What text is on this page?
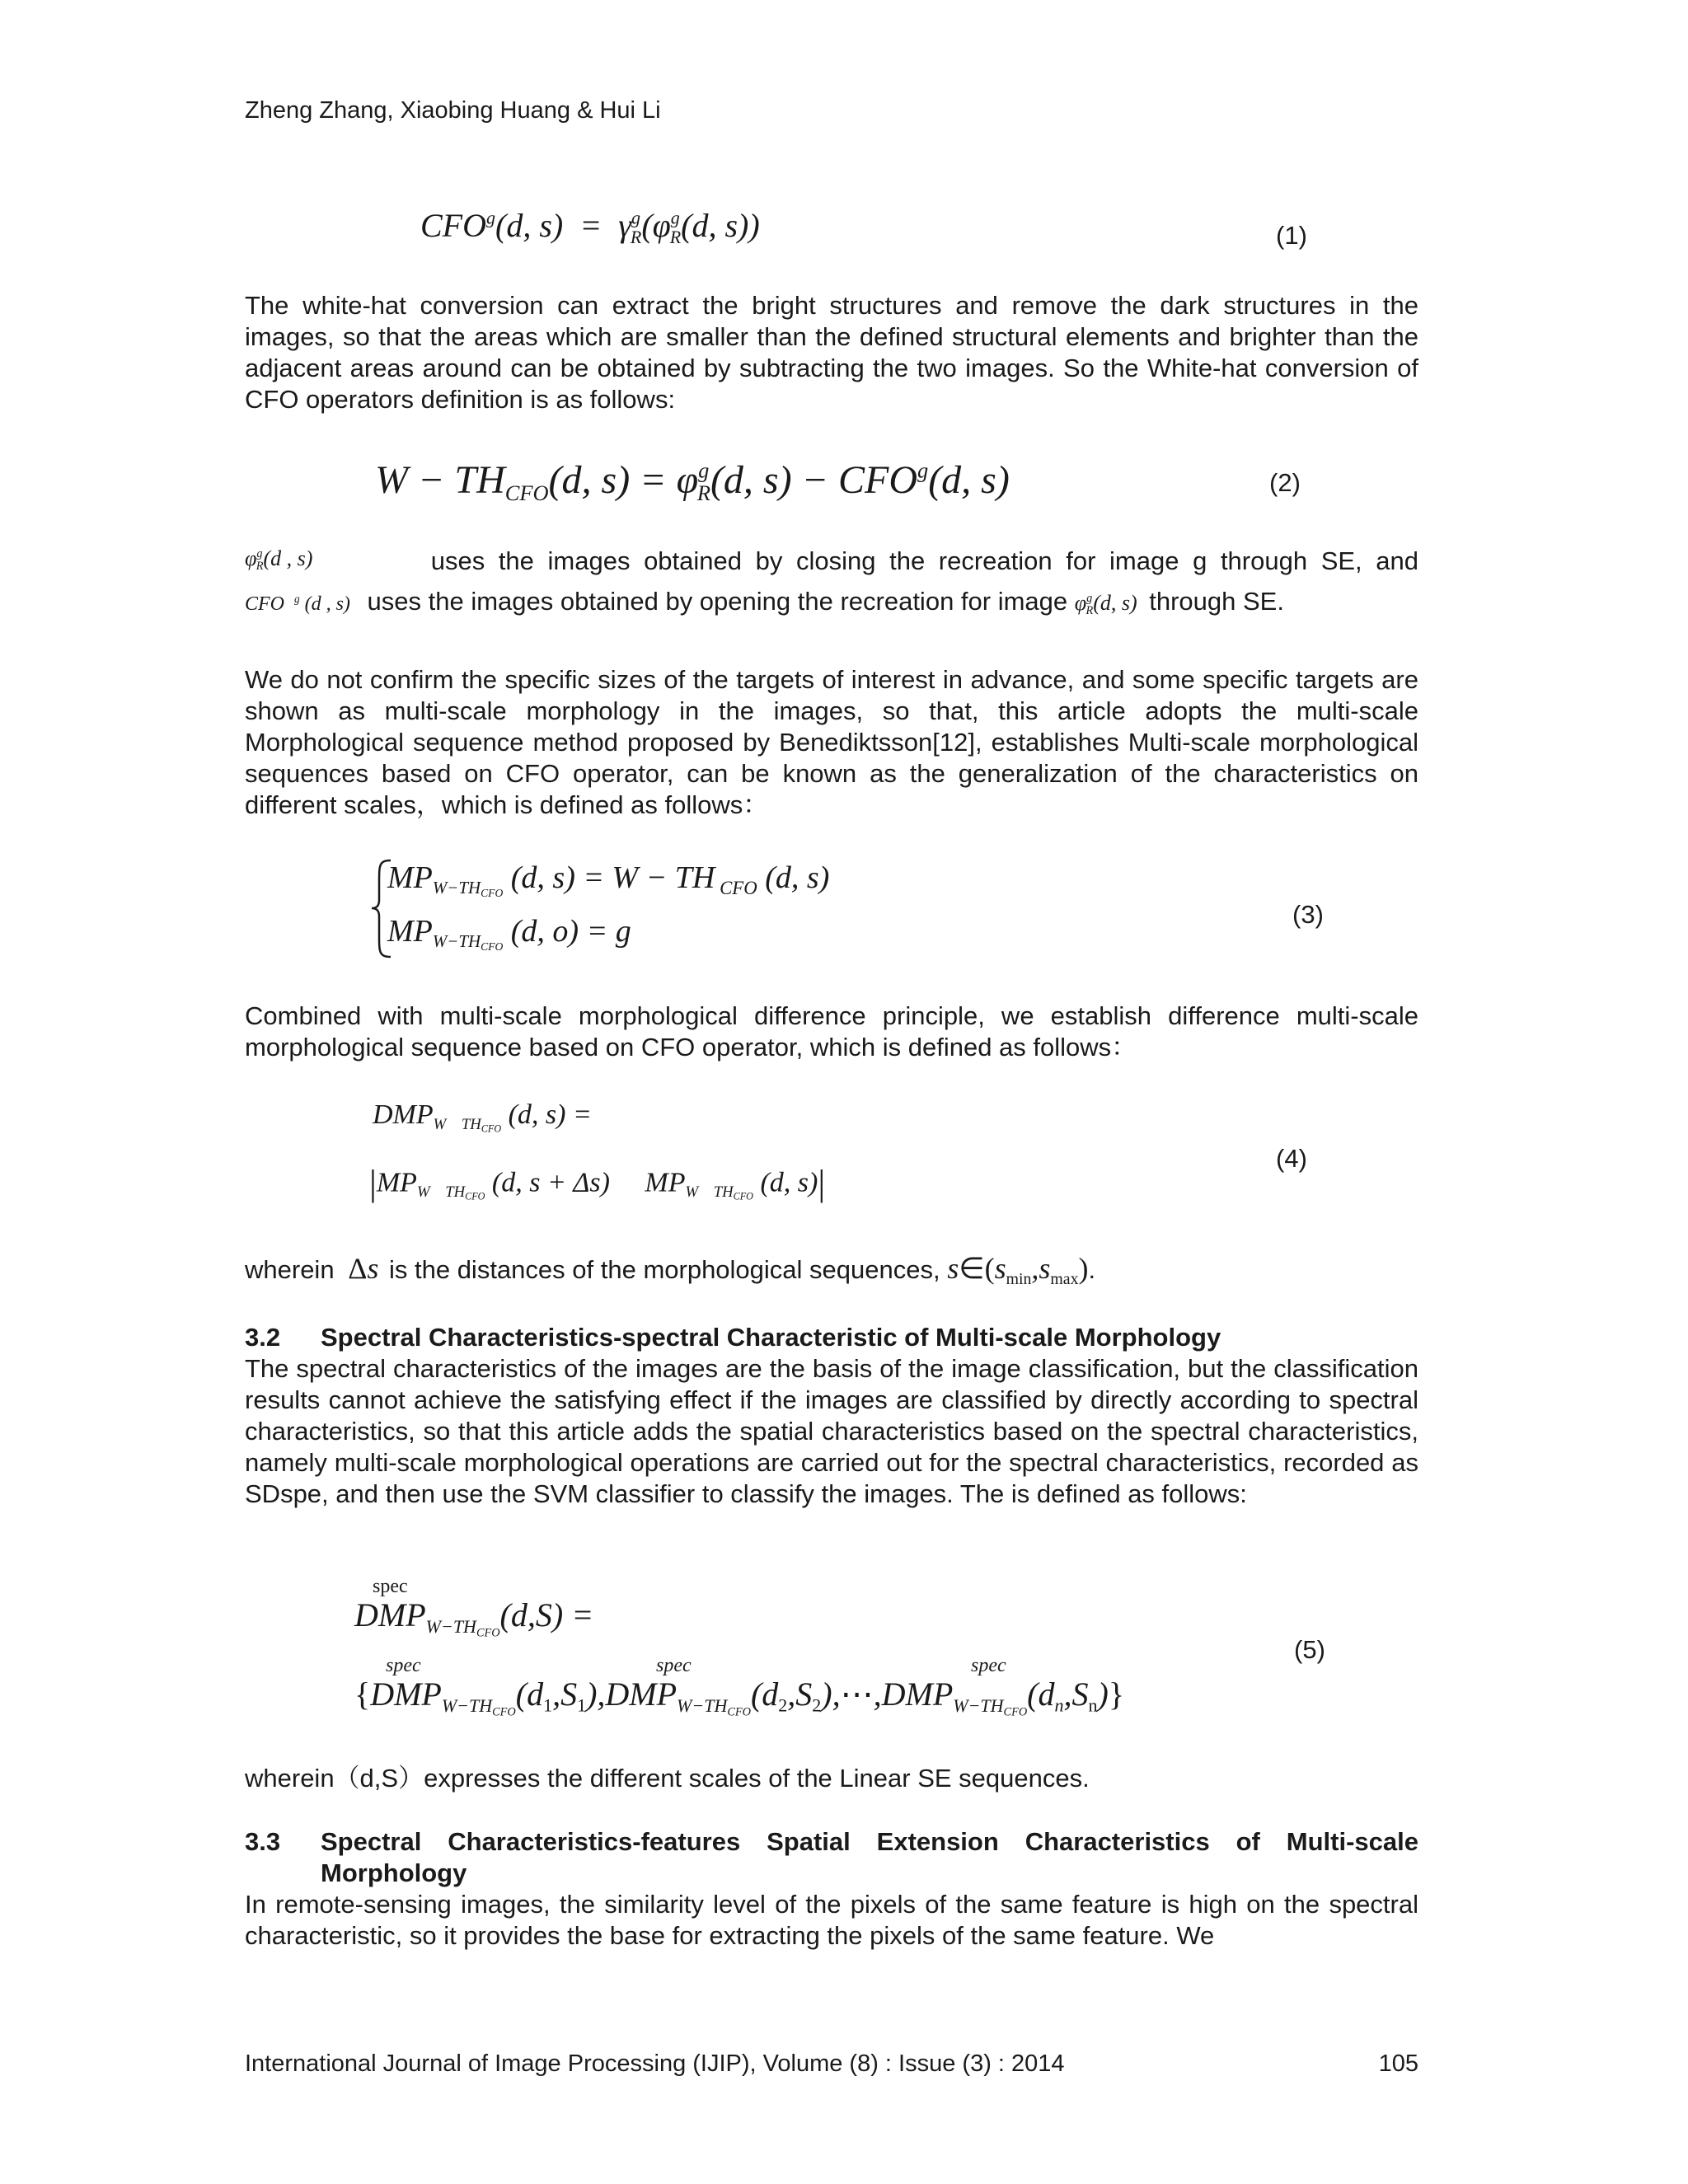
Zheng Zhang, Xiaobing Huang & Hui Li
CFO$^g$(d, $s) = \gamma^g_R(\varphi^g_R(d$, s))	(1)
The white-hat conversion can extract the bright structures and remove the dark structures in the images, so that the areas which are smaller than the defined structural elements and brighter than the adjacent areas around can be obtained by subtracting the two images. So the White-hat conversion of CFO operators definition is as follows:
$W - TH_{CFO}(d$, $s) = \varphi^g_R(d$, $s) - CFO^g(d$, s)	(2)
$\varphi^g_R(d$ , s)	uses the images obtained by closing the recreation for image g through SE, and
CFO  $^g$ (d , s) uses the images obtained by opening the recreation for image $\varphi^g_R(d$, s) through SE.
We do not confirm the specific sizes of the targets of interest in advance, and some specific targets are shown as multi-scale morphology in the images, so that, this article adopts the multi-scale Morphological sequence method proposed by Benediktsson[12], establishes Multi-scale morphological sequences based on CFO operator, can be known as the generalization of the characteristics on different scales，which is defined as follows：
$MP_{W-THCFO}$ (d, s) = W − TH $_{CFO}$ (d, s)
$MP_{W-THCFO}$ (d, o) = g	(3)
Combined with multi-scale morphological difference principle, we establish difference multi-scale morphological sequence based on CFO operator, which is defined as follows：
$DMP_{W THCFO}$ (d, s) =
$|MP_{W THCFO}$ (d, s + Δs)     $MP_{W THCFO}$ (d, s)|
(4)
wherein Δs is the distances of the morphological sequences, $s\in(s_{min},s_{max})$.
3.2 Spectral Characteristics-spectral Characteristic of Multi-scale Morphology
The spectral characteristics of the images are the basis of the image classification, but the classification results cannot achieve the satisfying effect if the images are classified by directly according to spectral characteristics, so that this article adds the spatial characteristics based on the spectral characteristics, namely multi-scale morphological operations are carried out for the spectral characteristics, recorded as SDspe, and then use the SVM classifier to classify the images. The is defined as follows:
spec
$DMP_{W-THCFO}(d,S)$ =
spec	spec	spec
$\{DMP_{W-THCFO}(d_1,S_1),DMP_{W-THCFO}(d_2,S_2),\cdots,DMP_{W-THCFO}(d_n,S_n)\}$
(5)
wherein（d,S）expresses the different scales of the Linear SE sequences.
3.3	Spectral Characteristics-features Spatial Extension Characteristics of Multi-scale
Morphology
In remote-sensing images, the similarity level of the pixels of the same feature is high on the spectral characteristic, so it provides the base for extracting the pixels of the same feature. We
International Journal of Image Processing (IJIP), Volume (8) : Issue (3) : 2014	105
